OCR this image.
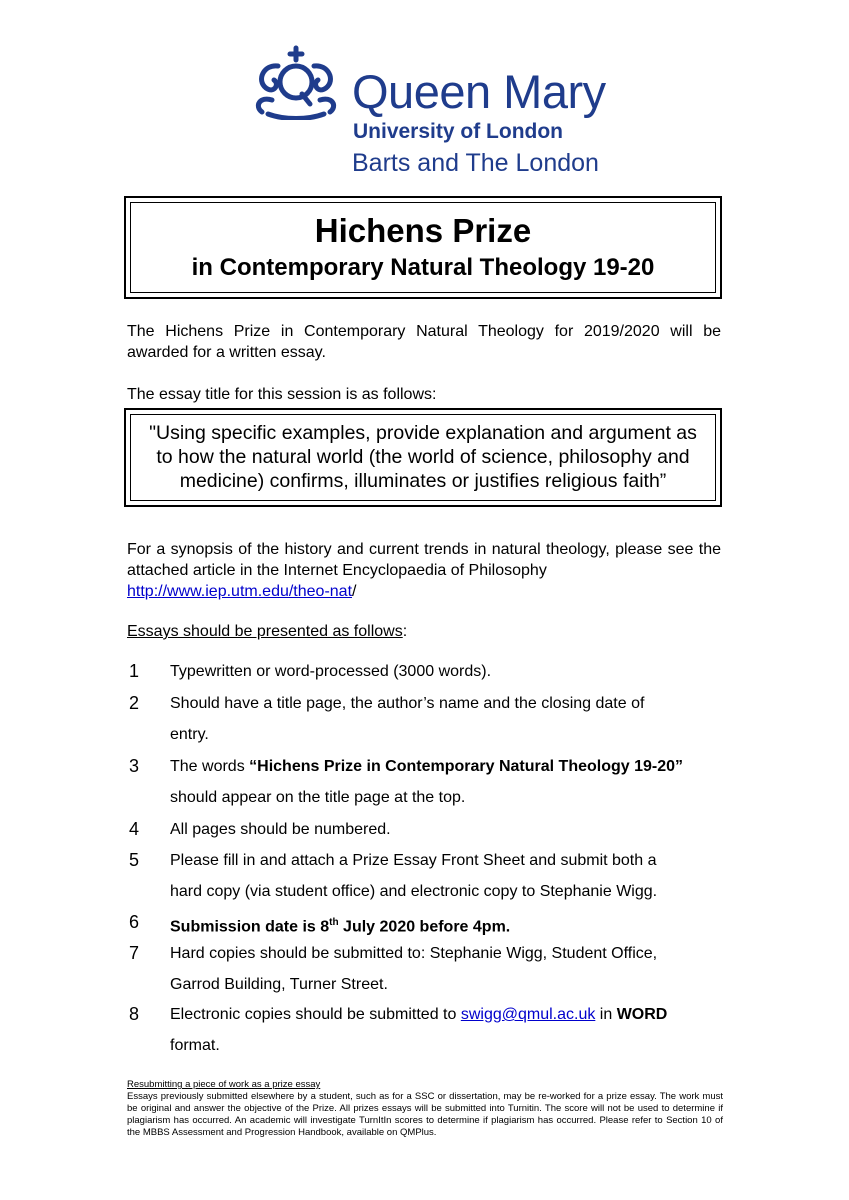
Queen Mary
University of London
Barts and The London
Hichens Prize
in Contemporary Natural Theology 19-20
The Hichens Prize in Contemporary Natural Theology for 2019/2020 will be awarded for a written essay.
The essay title for this session is as follows:
"Using specific examples, provide explanation and argument as to how the natural world (the world of science, philosophy and medicine) confirms, illuminates or justifies religious faith”
For a synopsis of the history and current trends in natural theology, please see the attached article in the Internet Encyclopaedia of Philosophy
http://www.iep.utm.edu/theo-nat/
Essays should be presented as follows:
1 Typewritten or word-processed (3000 words).
2 Should have a title page, the author’s name and the closing date of
entry.
3 The words “Hichens Prize in Contemporary Natural Theology 19-20”
should appear on the title page at the top.
4 All pages should be numbered.
5 Please fill in and attach a Prize Essay Front Sheet and submit both a
hard copy (via student office) and electronic copy to Stephanie Wigg.
6 Submission date is 8th July 2020 before 4pm.
7 Hard copies should be submitted to: Stephanie Wigg, Student Office,
Garrod Building, Turner Street.
8 Electronic copies should be submitted to swigg@qmul.ac.uk in WORD
format.
Resubmitting a piece of work as a prize essay
Essays previously submitted elsewhere by a student, such as for a SSC or dissertation, may be re-worked for a prize essay. The work must be original and answer the objective of the Prize. All prizes essays will be submitted into Turnitin. The score will not be used to determine if plagiarism has occurred. An academic will investigate TurnItIn scores to determine if plagiarism has occurred. Please refer to Section 10 of the MBBS Assessment and Progression Handbook, available on QMPlus.
